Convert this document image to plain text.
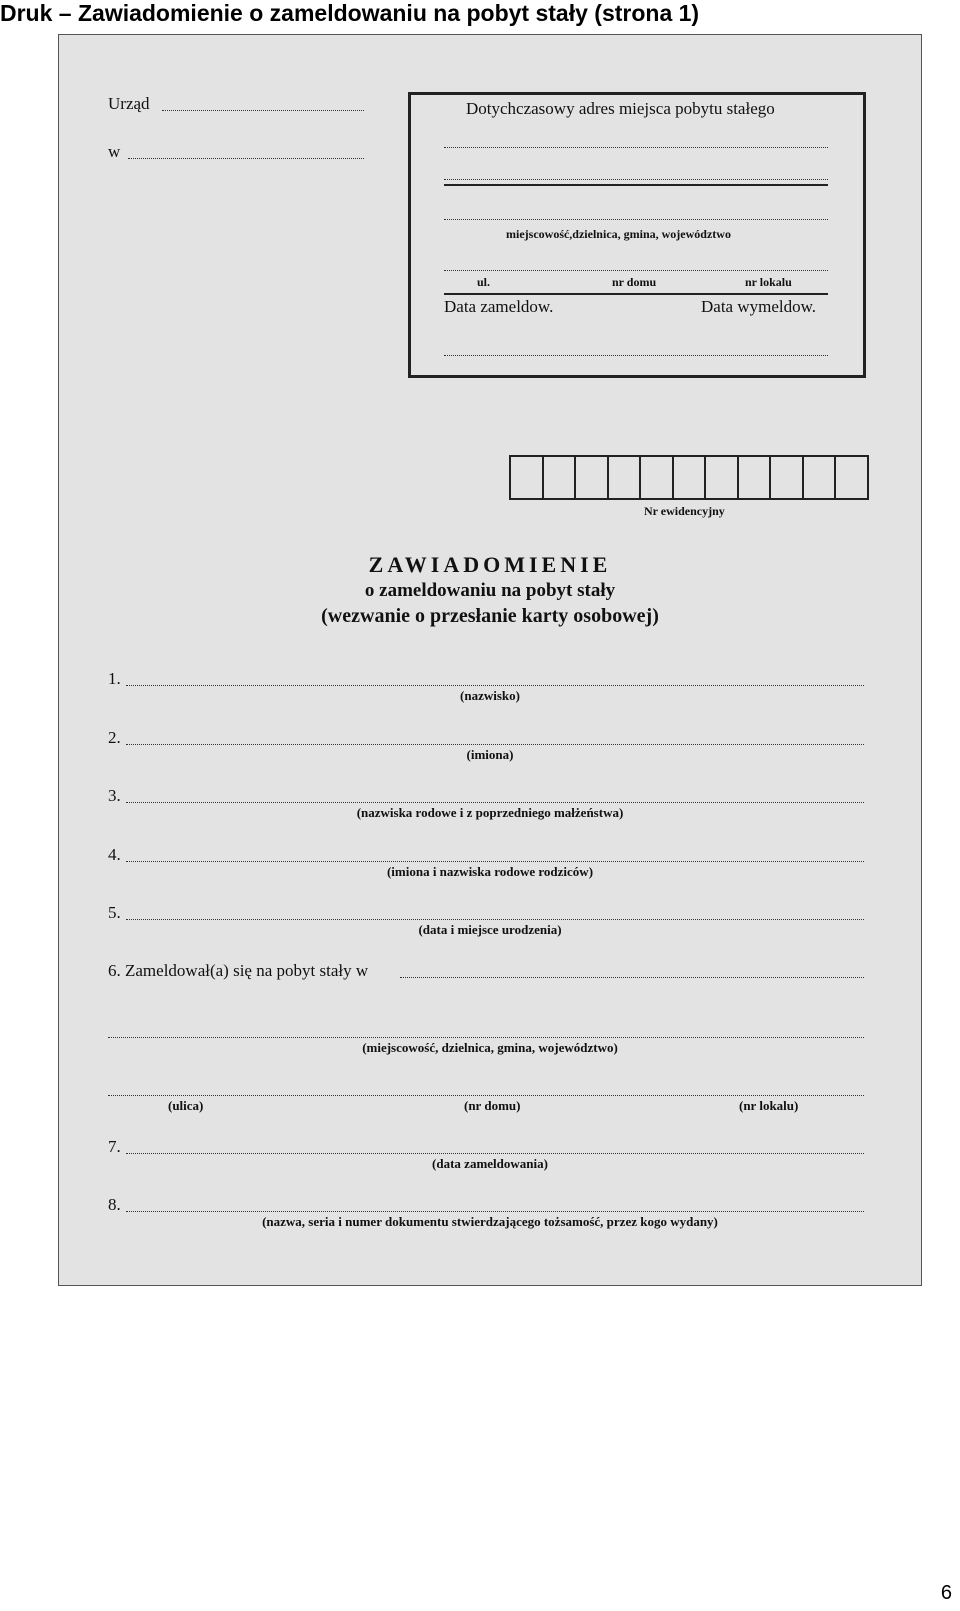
Druk – Zawiadomienie o zameldowaniu na pobyt stały (strona 1)
Urząd
w
Dotychczasowy adres miejsca pobytu stałego
miejscowość,dzielnica, gmina, województwo
ul.	nr domu	nr lokalu
Data zameldow.	Data wymeldow.
Nr ewidencyjny
ZAWIADOMIENIE
o zameldowaniu na pobyt stały
(wezwanie o przesłanie karty osobowej)
1.
(nazwisko)
2.
(imiona)
3.
(nazwiska rodowe i z poprzedniego małżeństwa)
4.
(imiona i nazwiska rodowe rodziców)
5.
(data i miejsce urodzenia)
6. Zameldował(a) się na pobyt stały w
(miejscowość, dzielnica, gmina, województwo)
(ulica)	(nr domu)	(nr lokalu)
7.
(data zameldowania)
8.
(nazwa, seria i numer dokumentu stwierdzającego tożsamość, przez kogo wydany)
6
